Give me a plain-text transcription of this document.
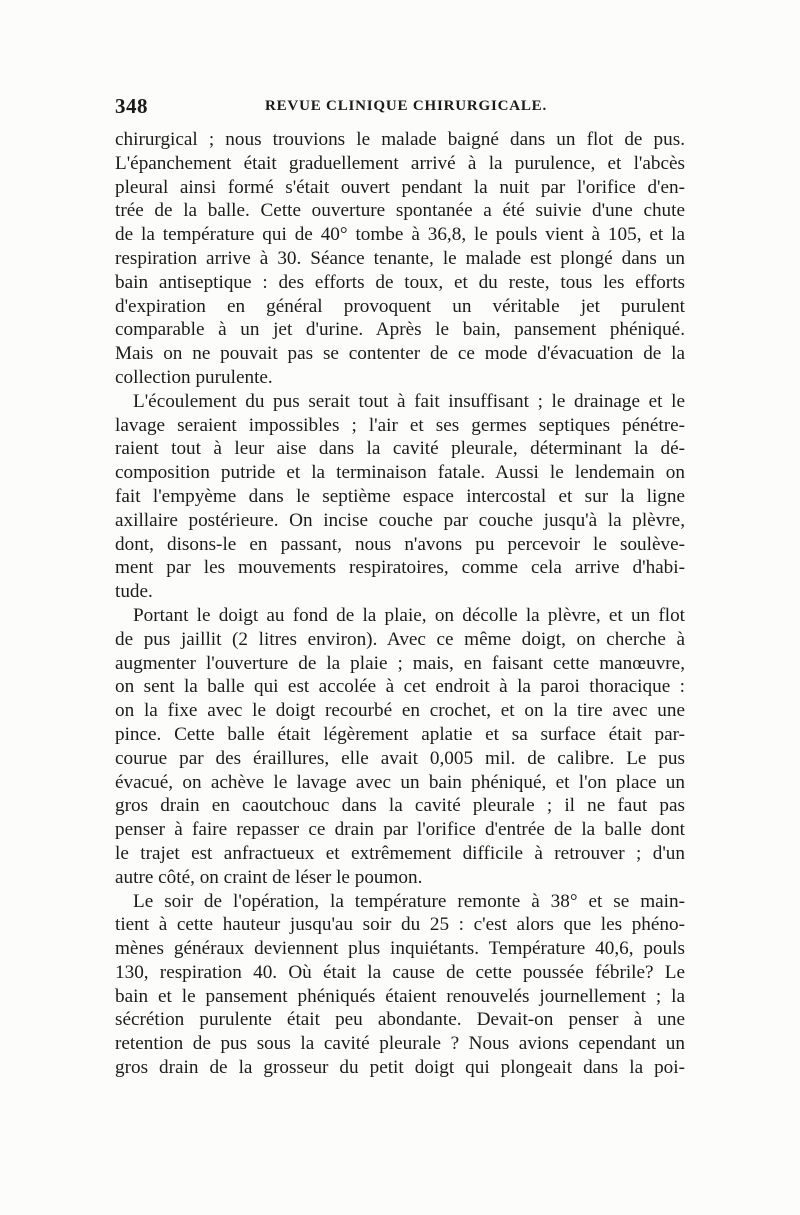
348	REVUE CLINIQUE CHIRURGICALE.
chirurgical ; nous trouvions le malade baigné dans un flot de pus.
L'épanchement était graduellement arrivé à la purulence, et l'abcès
pleural ainsi formé s'était ouvert pendant la nuit par l'orifice d'en-
trée de la balle. Cette ouverture spontanée a été suivie d'une chute
de la température qui de 40° tombe à 36,8, le pouls vient à 105, et la
respiration arrive à 30. Séance tenante, le malade est plongé dans un
bain antiseptique : des efforts de toux, et du reste, tous les efforts
d'expiration en général provoquent un véritable jet purulent
comparable à un jet d'urine. Après le bain, pansement phéniqué.
Mais on ne pouvait pas se contenter de ce mode d'évacuation de la
collection purulente.
L'écoulement du pus serait tout à fait insuffisant ; le drainage et le
lavage seraient impossibles ; l'air et ses germes septiques pénétre-
raient tout à leur aise dans la cavité pleurale, déterminant la dé-
composition putride et la terminaison fatale. Aussi le lendemain on
fait l'empyème dans le septième espace intercostal et sur la ligne
axillaire postérieure. On incise couche par couche jusqu'à la plèvre,
dont, disons-le en passant, nous n'avons pu percevoir le soulève-
ment par les mouvements respiratoires, comme cela arrive d'habi-
tude.
Portant le doigt au fond de la plaie, on décolle la plèvre, et un flot
de pus jaillit (2 litres environ). Avec ce même doigt, on cherche à
augmenter l'ouverture de la plaie ; mais, en faisant cette manœuvre,
on sent la balle qui est accolée à cet endroit à la paroi thoracique :
on la fixe avec le doigt recourbé en crochet, et on la tire avec une
pince. Cette balle était légèrement aplatie et sa surface était par-
courue par des éraillures, elle avait 0,005 mil. de calibre. Le pus
évacué, on achève le lavage avec un bain phéniqué, et l'on place un
gros drain en caoutchouc dans la cavité pleurale ; il ne faut pas
penser à faire repasser ce drain par l'orifice d'entrée de la balle dont
le trajet est anfractueux et extrêmement difficile à retrouver ; d'un
autre côté, on craint de léser le poumon.
Le soir de l'opération, la température remonte à 38° et se main-
tient à cette hauteur jusqu'au soir du 25 : c'est alors que les phéno-
mènes généraux deviennent plus inquiétants. Température 40,6, pouls
130, respiration 40. Où était la cause de cette poussée fébrile? Le
bain et le pansement phéniqués étaient renouvelés journellement ; la
sécrétion purulente était peu abondante. Devait-on penser à une
retention de pus sous la cavité pleurale ? Nous avions cependant un
gros drain de la grosseur du petit doigt qui plongeait dans la poi-
